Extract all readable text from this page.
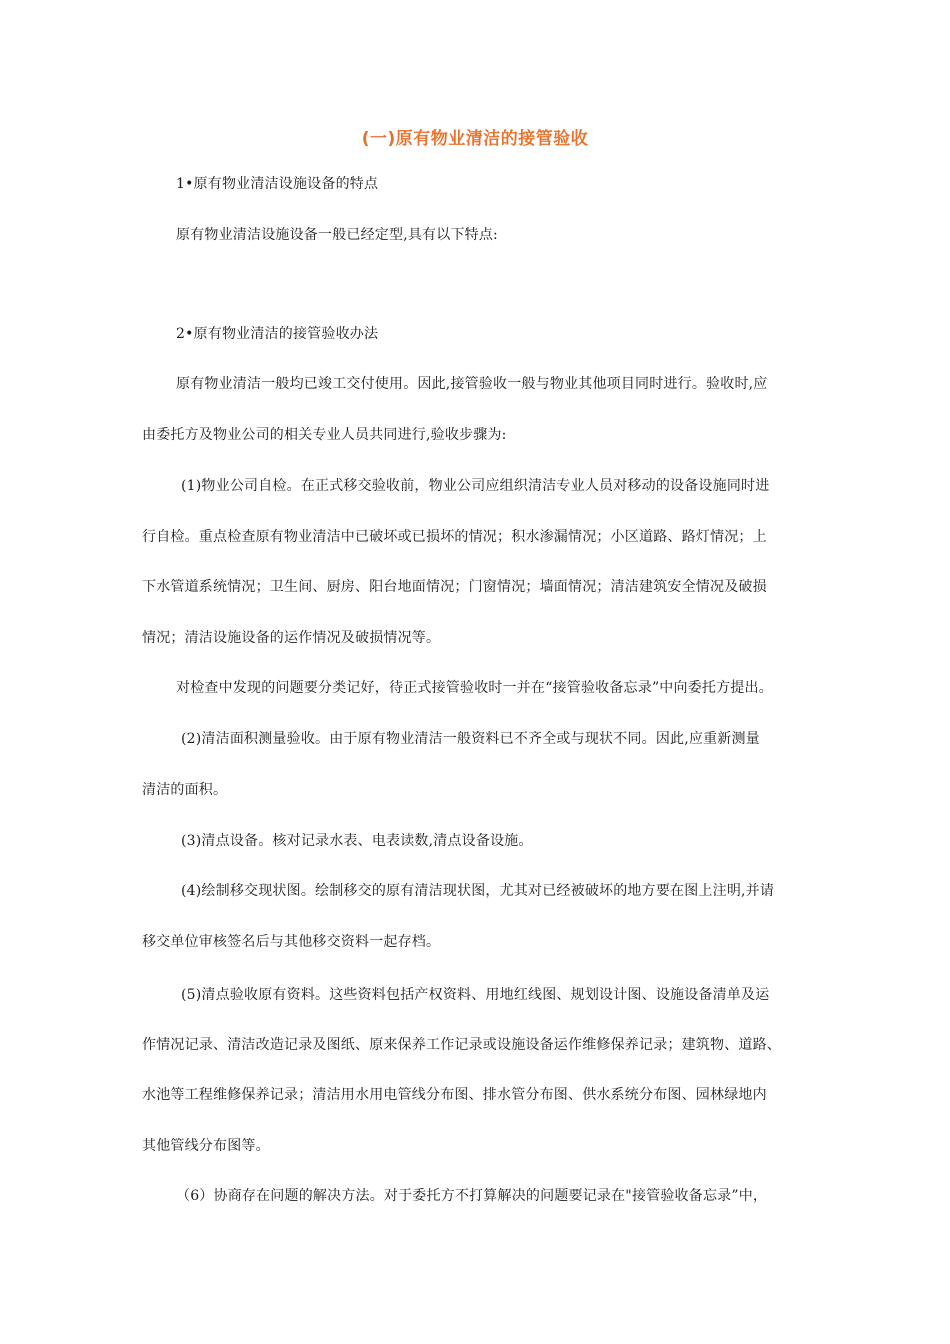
(一)原有物业清洁的接管验收
1•原有物业清洁设施设备的特点
原有物业清洁设施设备一般已经定型,具有以下特点:
2•原有物业清洁的接管验收办法
原有物业清洁一般均已竣工交付使用。因此,接管验收一般与物业其他项目同时进行。验收时,应
由委托方及物业公司的相关专业人员共同进行,验收步骤为:
(1)物业公司自检。在正式移交验收前，物业公司应组织清洁专业人员对移动的设备设施同时进
行自检。重点检查原有物业清洁中已破坏或已损坏的情况；积水渗漏情况；小区道路、路灯情况；上
下水管道系统情况；卫生间、厨房、阳台地面情况；门窗情况；墙面情况；清洁建筑安全情况及破损
情况；清洁设施设备的运作情况及破损情况等。
对检查中发现的问题要分类记好，待正式接管验收时一并在“接管验收备忘录”中向委托方提出。
(2)清洁面积测量验收。由于原有物业清洁一般资料已不齐全或与现状不同。因此,应重新测量
清洁的面积。
(3)清点设备。核对记录水表、电表读数,清点设备设施。
(4)绘制移交现状图。绘制移交的原有清洁现状图，尤其对已经被破坏的地方要在图上注明,并请
移交单位审核签名后与其他移交资料一起存档。
(5)清点验收原有资料。这些资料包括产权资料、用地红线图、规划设计图、设施设备清单及运
作情况记录、清洁改造记录及图纸、原来保养工作记录或设施设备运作维修保养记录；建筑物、道路、
水池等工程维修保养记录；清洁用水用电管线分布图、排水管分布图、供水系统分布图、园林绿地内
其他管线分布图等。
（6）协商存在问题的解决方法。对于委托方不打算解决的问题要记录在"接管验收备忘录”中，
